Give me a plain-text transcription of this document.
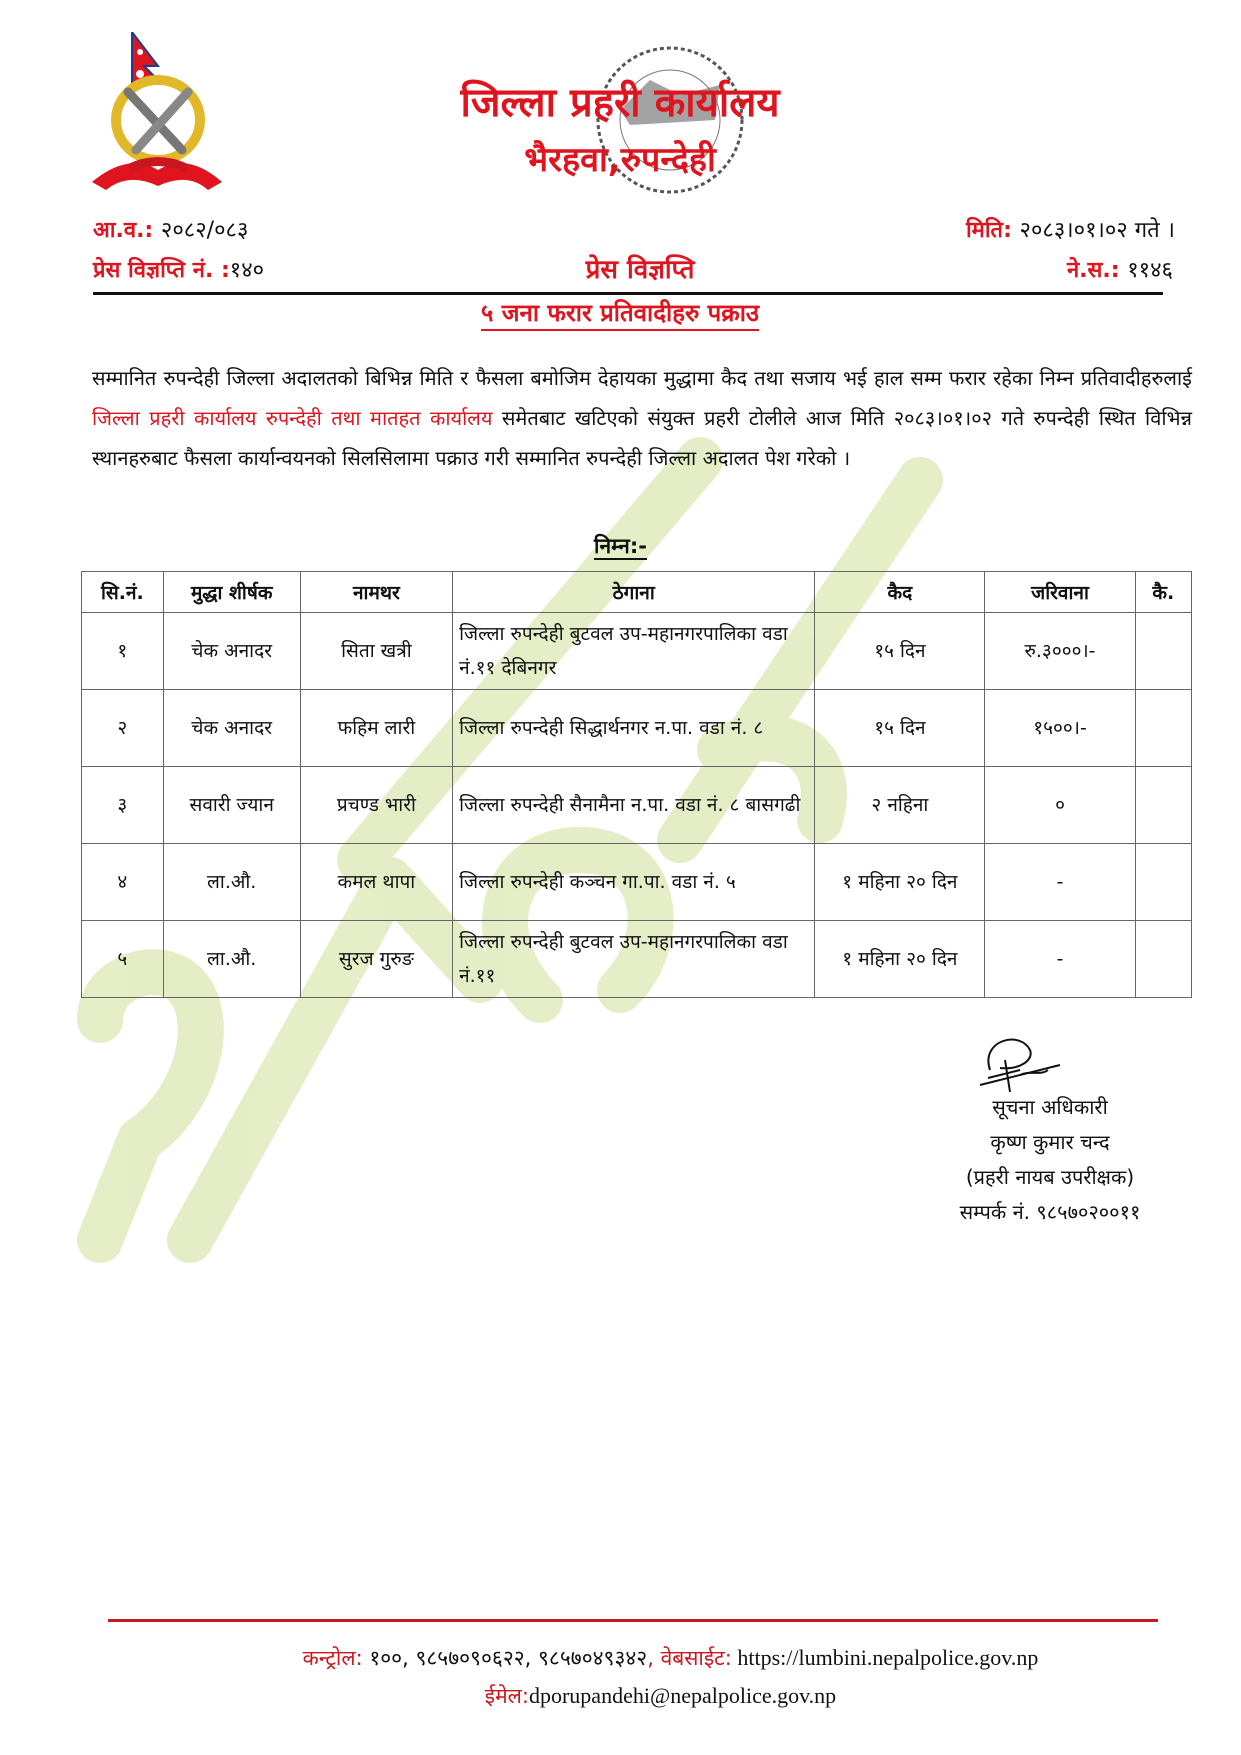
जिल्ला प्रहरी कार्यालय
भैरहवा,रुपन्देही
आ.व.: २०८२/०८३
प्रेस विज्ञप्ति नं. :१४०	प्रेस विज्ञप्ति
मिति: २०८३।०१।०२ गते ।
ने.स.: ११४६
५ जना फरार प्रतिवादीहरु पक्राउ
सम्मानित रुपन्देही जिल्ला अदालतको बिभिन्न मिति र फैसला बमोजिम देहायका मुद्धामा कैद तथा सजाय भई हाल सम्म फरार रहेका निम्न प्रतिवादीहरुलाई जिल्ला प्रहरी कार्यालय रुपन्देही तथा मातहत कार्यालय समेतबाट खटिएको संयुक्त प्रहरी टोलीले आज मिति २०८३।०१।०२ गते रुपन्देही स्थित विभिन्न स्थानहरुबाट फैसला कार्यान्वयनको सिलसिलामा पक्राउ गरी सम्मानित रुपन्देही जिल्ला अदालत पेश गरेको ।
निम्न:-
सि.नं.	मुद्धा शीर्षक	नामथर	ठेगाना	कैद	जरिवाना	कै.
१	चेक अनादर	सिता खत्री	जिल्ला रुपन्देही बुटवल उप-महानगरपालिका वडा नं.११ देबिनगर	१५ दिन	रु.३०००।-	
२	चेक अनादर	फहिम लारी	जिल्ला रुपन्देही सिद्धार्थनगर न.पा. वडा नं. ८	१५ दिन	१५००।-	
३	सवारी ज्यान	प्रचण्ड भारी	जिल्ला रुपन्देही सैनामैना न.पा. वडा नं. ८ बासगढी	२ नहिना	०	
४	ला.औ.	कमल थापा	जिल्ला रुपन्देही कञ्चन गा.पा. वडा नं. ५	१ महिना २० दिन	-	
५	ला.औ.	सुरज गुरुङ	जिल्ला रुपन्देही बुटवल उप-महानगरपालिका वडा नं.११	१ महिना २० दिन	-	
सूचना अधिकारी
कृष्ण कुमार चन्द
(प्रहरी नायब उपरीक्षक)
सम्पर्क नं. ९८५७०२००११
कन्ट्रोल: १००, ९८५७०९०६२२, ९८५७०४९३४२, वेबसाईट: https://lumbini.nepalpolice.gov.np
ईमेल:dporupandehi@nepalpolice.gov.np
